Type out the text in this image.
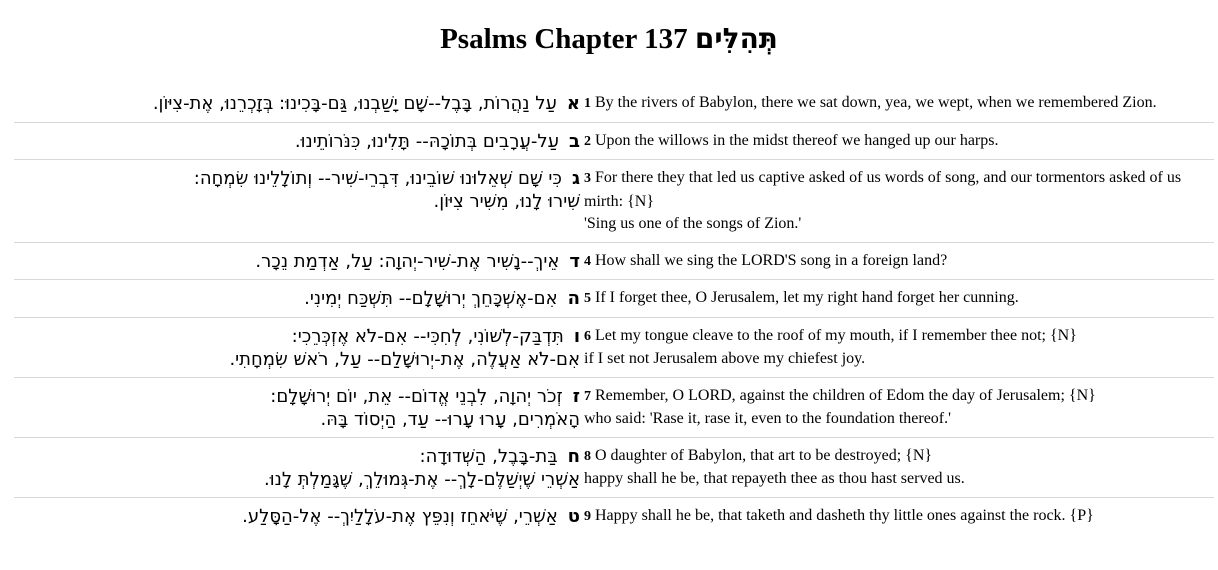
Psalms Chapter 137 תְּהִלִּים
אעַל נַהֲרוֹת, בָּבֶל--שָׁם יָשַׁבְנוּ, גַּם-בָּכִינוּ: בְּזָכְרֵנוּ, אֶת-צִיּוֹן.	1 By the rivers of Babylon, there we sat down, yea, we wept, when we remembered Zion.

בעַל-עֲרָבִים בְּתוֹכָהּ-- תָּלִינוּ, כִּנֹּרוֹתֵינוּ.	2 Upon the willows in the midst thereof we hanged up our harps.

גכִּי שָׁם שְׁאֵלוּנוּ שׁוֹבֵינוּ, דִּבְרֵי-שִׁיר-- וְתוֹלָלֵינוּ שִׂמְחָה:
שִׁירוּ לָנוּ, מִשִּׁיר צִיּוֹן.	3 For there they that led us captive asked of us words of song, and our tormentors asked of us mirth: {N}
'Sing us one of the songs of Zion.'

דאֵיךְ--נָשִׁיר אֶת-שִׁיר-יְהוָה: עַל, אַדְמַת נֵכָר.	4 How shall we sing the LORD'S song in a foreign land?

האִם-אֶשְׁכָּחֵךְ יְרוּשָׁלִָם-- תִּשְׁכַּח יְמִינִי.	5 If I forget thee, O Jerusalem, let my right hand forget her cunning.

ותִּדְבַּק-לְשׁוֹנִי, לְחִכִּי-- אִם-לֹא אֶזְכְּרֵכִי:
אִם-לֹא אַעֲלֶה, אֶת-יְרוּשָׁלִַם-- עַל, רֹאשׁ שִׂמְחָתִי.	6 Let my tongue cleave to the roof of my mouth, if I remember thee not; {N}
if I set not Jerusalem above my chiefest joy.

זזְכֹר יְהוָה, לִבְנֵי אֱדוֹם-- אֵת, יוֹם יְרוּשָׁלִָם:
הָאֹמְרִים, עָרוּ עָרוּ-- עַד, הַיְסוֹד בָּהּ.	7 Remember, O LORD, against the children of Edom the day of Jerusalem; {N}
who said: 'Rase it, rase it, even to the foundation thereof.'

חבַּת-בָּבֶל, הַשְּׁדוּדָה:
אַשְׁרֵי שֶׁיְשַׁלֶּם-לָךְ-- אֶת-גְּמוּלֵךְ, שֶׁגָּמַלְתְּ לָנוּ.	8 O daughter of Babylon, that art to be destroyed; {N}
happy shall he be, that repayeth thee as thou hast served us.

טאַשְׁרֵי, שֶׁיֹּאחֵז וְנִפֵּץ אֶת-עֹלָלַיִךְ-- אֶל-הַסָּלַע.	9 Happy shall he be, that taketh and dasheth thy little ones against the rock. {P}
